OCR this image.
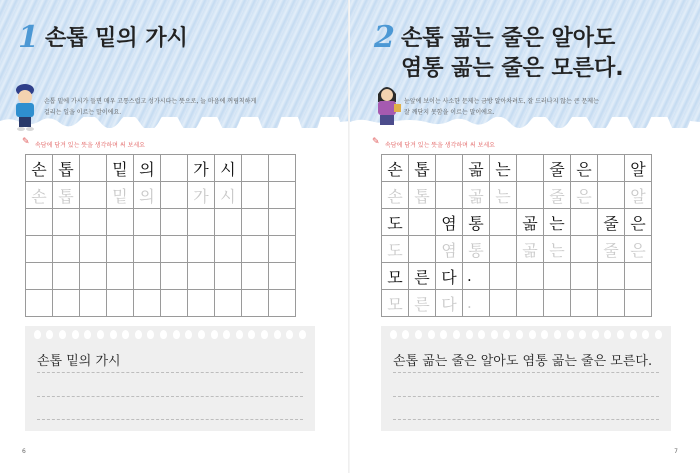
1 손톱 밑의 가시
손톱 밑에 가시가 들면 매우 고통스럽고 성가시다는 뜻으로, 늘 마음에 꺼림칙하게
걸리는 일을 이르는 말이에요.
✎ 속담에 담겨 있는 뜻을 생각하며 써 보세요
손 톱	밑 의	가 시
손 톱	밑 의	가 시
손톱 밑의 가시
6
2 손톱 곪는 줄은 알아도
염통 곪는 줄은 모른다.
눈앞에 보이는 사소한 문제는 금방 알아차려도, 잘 드러나지 않는 큰 문제는
잘 깨닫지 못함을 이르는 말이에요.
✎ 속담에 담겨 있는 뜻을 생각하며 써 보세요
손 톱	곪 는	줄 은	알
손 톱	곪 는	줄 은	알
도	염 통	곪 는	줄 은
도	염 통	곪 는	줄 은
모 른 다 .
모 른 다 .
손톱 곪는 줄은 알아도 염통 곪는 줄은 모른다.
7
